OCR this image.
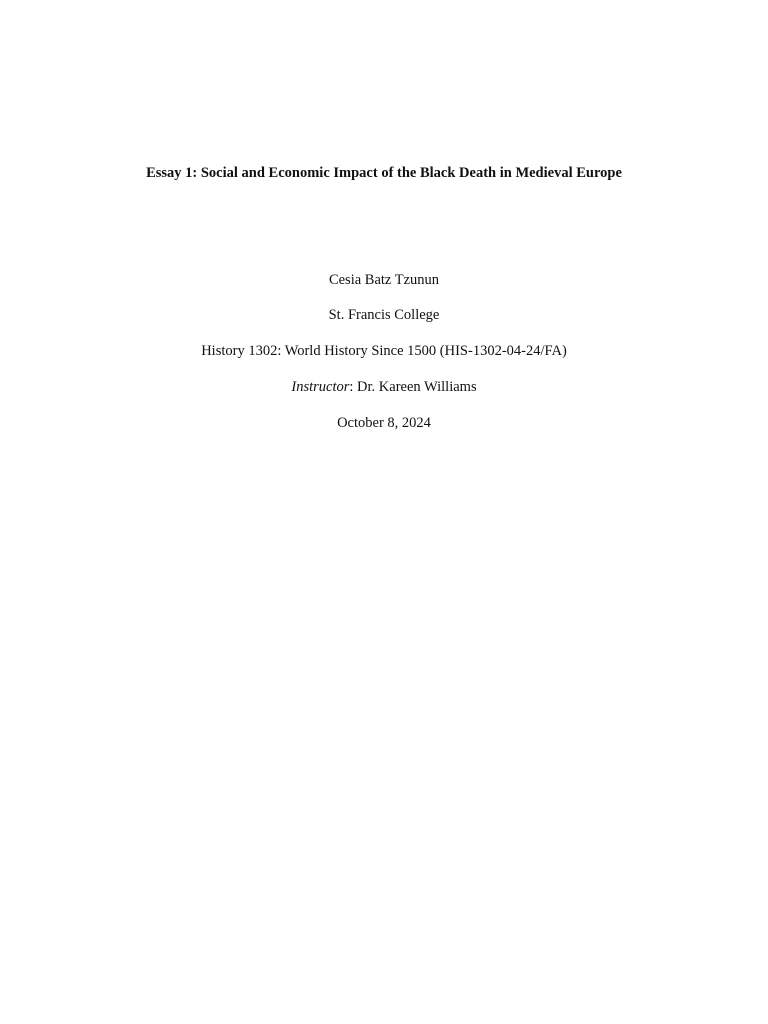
Essay 1: Social and Economic Impact of the Black Death in Medieval Europe
Cesia Batz Tzunun
St. Francis College
History 1302: World History Since 1500 (HIS-1302-04-24/FA)
Instructor: Dr. Kareen Williams
October 8, 2024
